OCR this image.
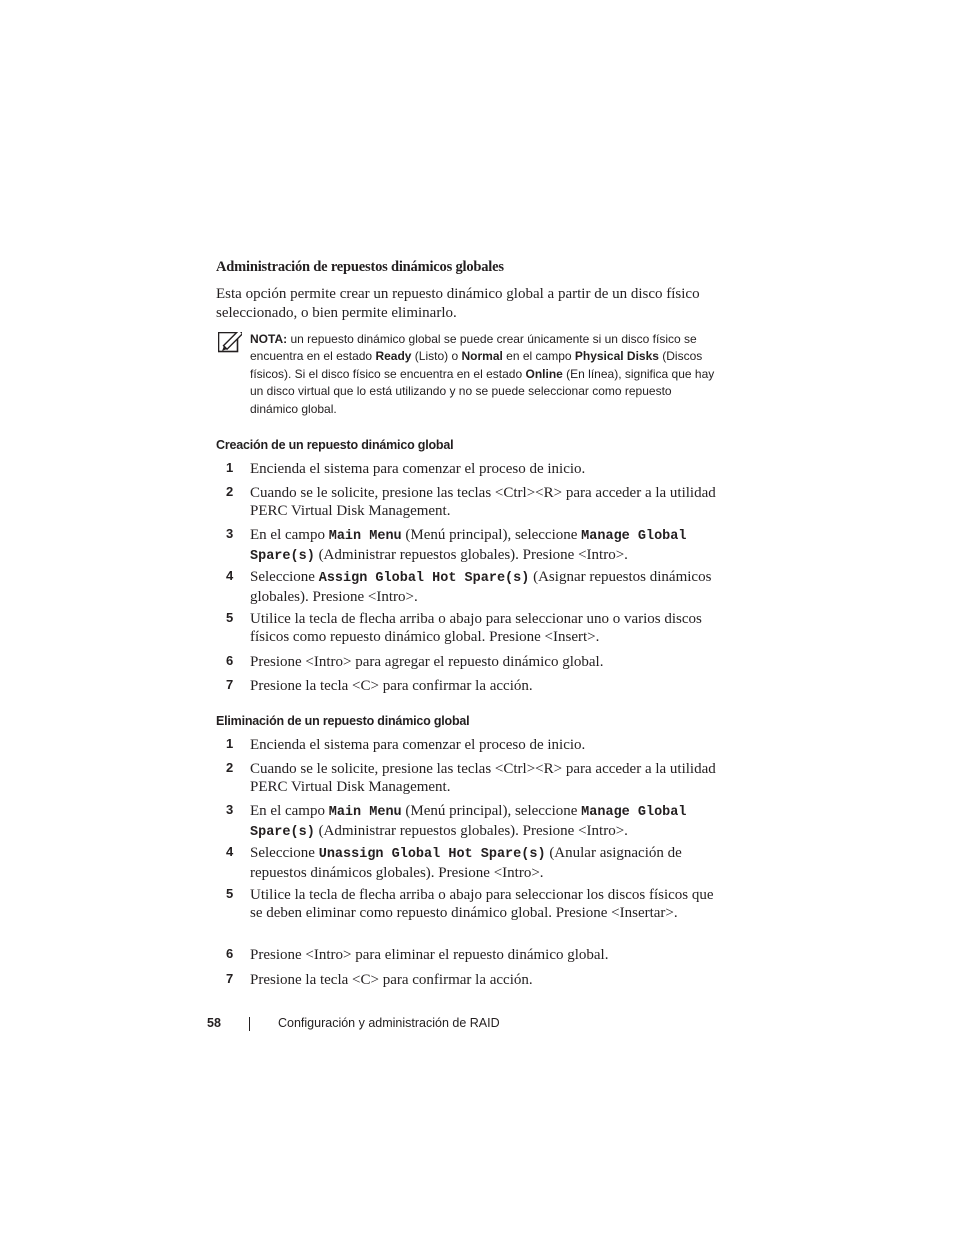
Administración de repuestos dinámicos globales
Esta opción permite crear un repuesto dinámico global a partir de un disco físico seleccionado, o bien permite eliminarlo.
NOTA: un repuesto dinámico global se puede crear únicamente si un disco físico se encuentra en el estado Ready (Listo) o Normal en el campo Physical Disks (Discos físicos). Si el disco físico se encuentra en el estado Online (En línea), significa que hay un disco virtual que lo está utilizando y no se puede seleccionar como repuesto dinámico global.
Creación de un repuesto dinámico global
1 Encienda el sistema para comenzar el proceso de inicio.
2 Cuando se le solicite, presione las teclas <Ctrl><R> para acceder a la utilidad PERC Virtual Disk Management.
3 En el campo Main Menu (Menú principal), seleccione Manage Global Spare(s) (Administrar repuestos globales). Presione <Intro>.
4 Seleccione Assign Global Hot Spare(s) (Asignar repuestos dinámicos globales). Presione <Intro>.
5 Utilice la tecla de flecha arriba o abajo para seleccionar uno o varios discos físicos como repuesto dinámico global. Presione <Insert>.
6 Presione <Intro> para agregar el repuesto dinámico global.
7 Presione la tecla <C> para confirmar la acción.
Eliminación de un repuesto dinámico global
1 Encienda el sistema para comenzar el proceso de inicio.
2 Cuando se le solicite, presione las teclas <Ctrl><R> para acceder a la utilidad PERC Virtual Disk Management.
3 En el campo Main Menu (Menú principal), seleccione Manage Global Spare(s) (Administrar repuestos globales). Presione <Intro>.
4 Seleccione Unassign Global Hot Spare(s) (Anular asignación de repuestos dinámicos globales). Presione <Intro>.
5 Utilice la tecla de flecha arriba o abajo para seleccionar los discos físicos que se deben eliminar como repuesto dinámico global. Presione <Insertar>.
6 Presione <Intro> para eliminar el repuesto dinámico global.
7 Presione la tecla <C> para confirmar la acción.
58	Configuración y administración de RAID
